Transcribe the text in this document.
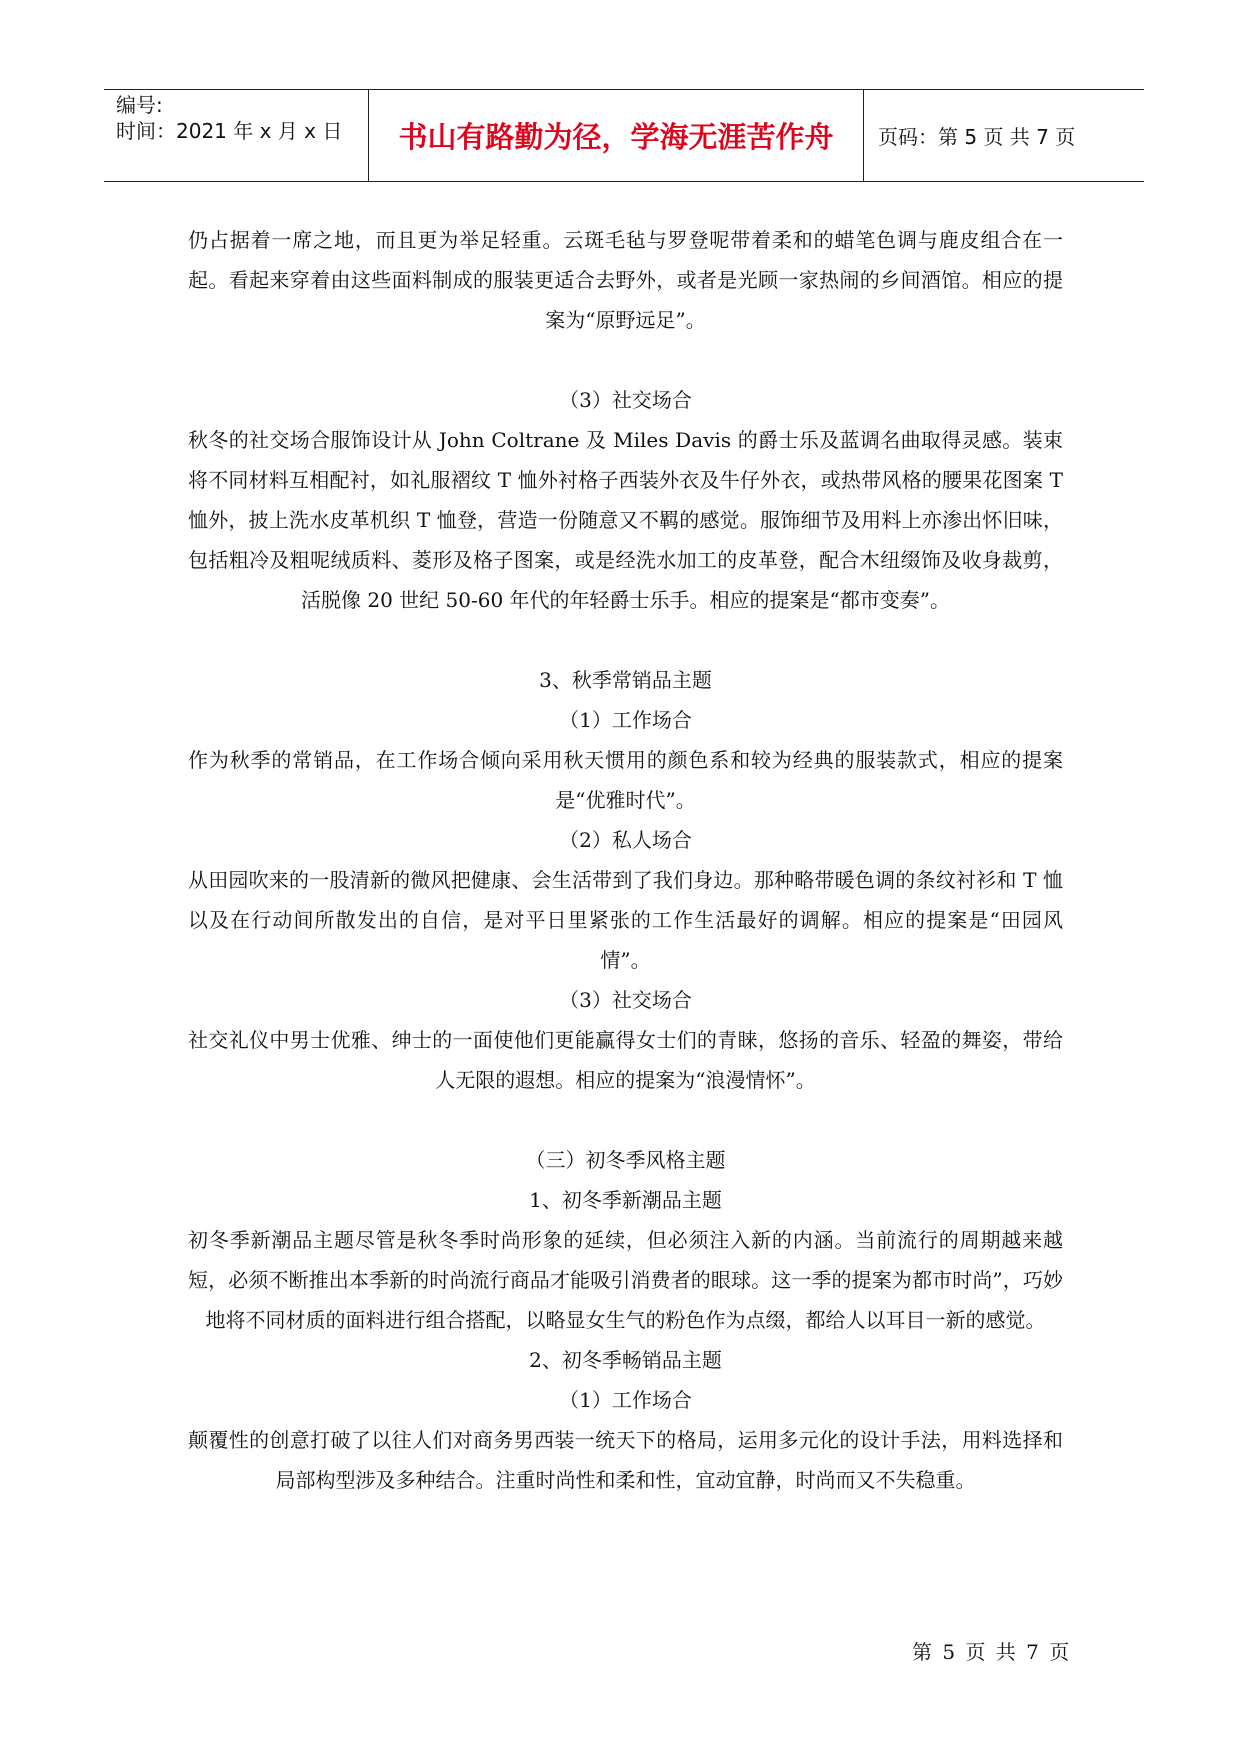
编号:
时间：2021 年 x 月 x 日	书山有路勤为径，学海无涯苦作舟	页码：第 5 页 共 7 页

仍占据着一席之地，而且更为举足轻重。云斑毛毡与罗登呢带着柔和的蜡笔色调与鹿皮组合在一起。看起来穿着由这些面料制成的服装更适合去野外，或者是光顾一家热闹的乡间酒馆。相应的提案为“原野远足”。

（3）社交场合

秋冬的社交场合服饰设计从 John Coltrane 及 Miles Davis 的爵士乐及蓝调名曲取得灵感。装束将不同材料互相配衬，如礼服褶纹 T 恤外衬格子西装外衣及牛仔外衣，或热带风格的腰果花图案 T 恤外，披上洗水皮革机织 T 恤登，营造一份随意又不羁的感觉。服饰细节及用料上亦渗出怀旧味，包括粗冷及粗呢绒质料、菱形及格子图案，或是经洗水加工的皮革登，配合木纽缀饰及收身裁剪，活脱像 20 世纪 50-60 年代的年轻爵士乐手。相应的提案是“都市变奏”。

3、秋季常销品主题

（1）工作场合

作为秋季的常销品，在工作场合倾向采用秋天惯用的颜色系和较为经典的服装款式，相应的提案是“优雅时代”。

（2）私人场合

从田园吹来的一股清新的微风把健康、会生活带到了我们身边。那种略带暖色调的条纹衬衫和 T 恤以及在行动间所散发出的自信，是对平日里紧张的工作生活最好的调解。相应的提案是“田园风情”。

（3）社交场合

社交礼仪中男士优雅、绅士的一面使他们更能赢得女士们的青睐，悠扬的音乐、轻盈的舞姿，带给人无限的遐想。相应的提案为“浪漫情怀”。

（三）初冬季风格主题

1、初冬季新潮品主题

初冬季新潮品主题尽管是秋冬季时尚形象的延续，但必须注入新的内涵。当前流行的周期越来越短，必须不断推出本季新的时尚流行商品才能吸引消费者的眼球。这一季的提案为都市时尚”，巧妙地将不同材质的面料进行组合搭配，以略显女生气的粉色作为点缀，都给人以耳目一新的感觉。

2、初冬季畅销品主题

（1）工作场合

颠覆性的创意打破了以往人们对商务男西装一统天下的格局，运用多元化的设计手法，用料选择和局部构型涉及多种结合。注重时尚性和柔和性，宜动宜静，时尚而又不失稳重。

第 5 页 共 7 页
